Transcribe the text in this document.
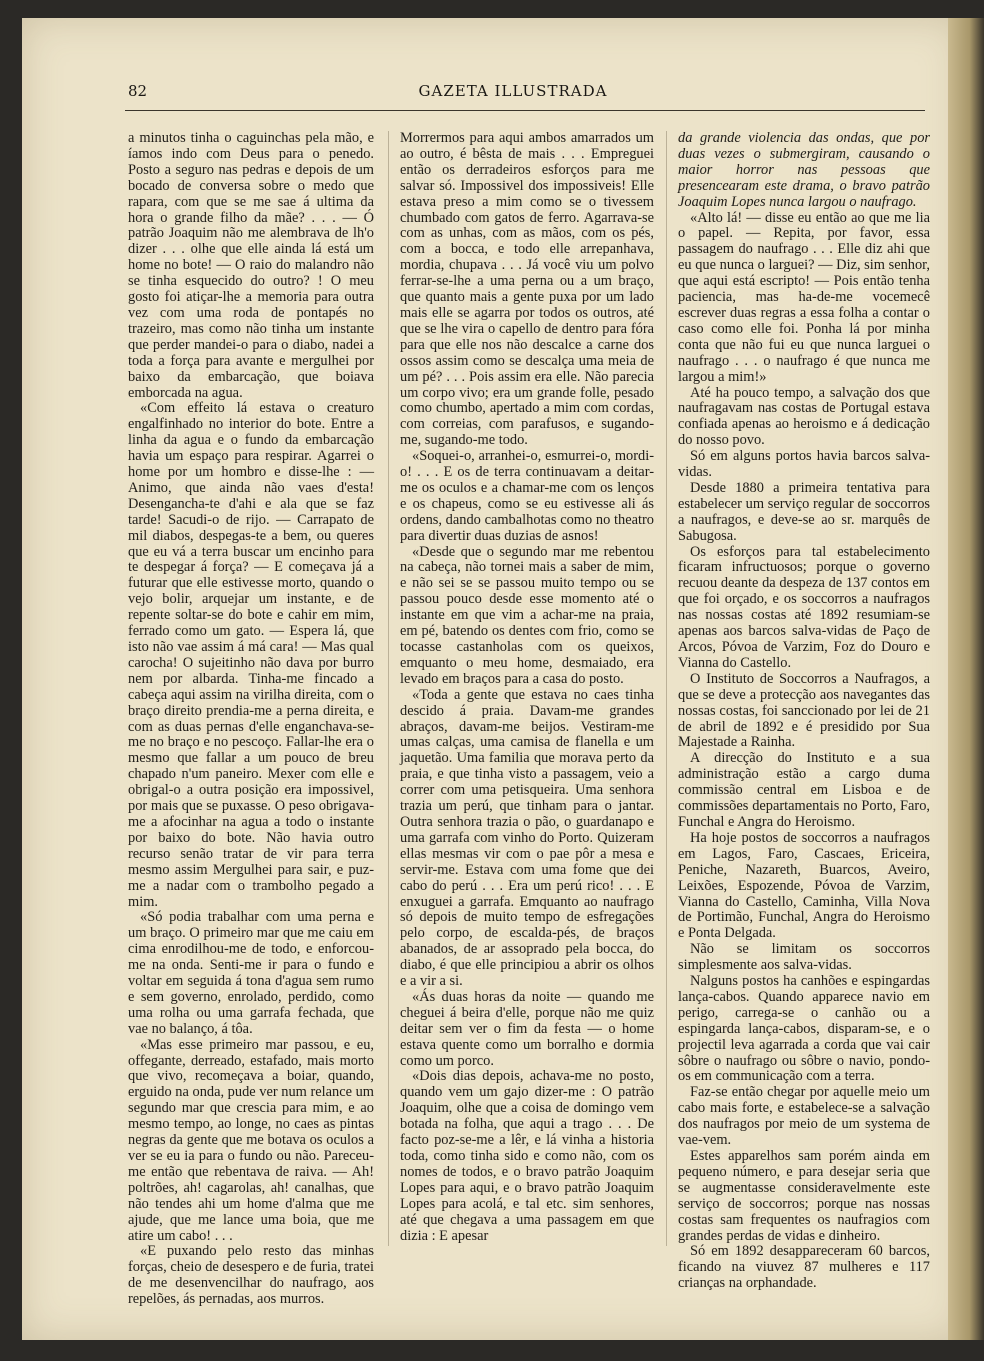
82	GAZETA ILLUSTRADA

a minutos tinha o caguinchas pela mão, e íamos indo com Deus para o penedo. Posto a seguro nas pedras e depois de um bocado de conversa sobre o medo que rapara, com que se me sae á ultima da hora o grande filho da mãe? . . . — Ó patrão Joaquim não me alembrava de lh'o dizer . . . olhe que elle ainda lá está um home no bote! — O raio do malandro não se tinha esquecido do outro? ! O meu gosto foi atiçar-lhe a memoria para outra vez com uma roda de pontapés no trazeiro, mas como não tinha um instante que perder mandei-o para o diabo, nadei a toda a força para avante e mergulhei por baixo da embarcação, que boiava emborcada na agua.

«Com effeito lá estava o creaturo engalfinhado no interior do bote. Entre a linha da agua e o fundo da embarcação havia um espaço para respirar. Agarrei o home por um hombro e disse-lhe : — Animo, que ainda não vaes d'esta! Desengancha-te d'ahi e ala que se faz tarde! Sacudi-o de rijo. — Carrapato de mil diabos, despegas-te a bem, ou queres que eu vá a terra buscar um encinho para te despegar á força? — E começava já a futurar que elle estivesse morto, quando o vejo bolir, arquejar um instante, e de repente soltar-se do bote e cahir em mim, ferrado como um gato. — Espera lá, que isto não vae assim á má cara! — Mas qual carocha! O sujeitinho não dava por burro nem por albarda. Tinha-me fincado a cabeça aqui assim na virilha direita, com o braço direito prendia-me a perna direita, e com as duas pernas d'elle enganchava-se-me no braço e no pescoço. Fallar-lhe era o mesmo que fallar a um pouco de breu chapado n'um paneiro. Mexer com elle e obrigal-o a outra posição era impossivel, por mais que se puxasse. O peso obrigava-me a afocinhar na agua a todo o instante por baixo do bote. Não havia outro recurso senão tratar de vir para terra mesmo assim Mergulhei para sair, e puz-me a nadar com o trambolho pegado a mim.

«Só podia trabalhar com uma perna e um braço. O primeiro mar que me caiu em cima enrodilhou-me de todo, e enforcou-me na onda. Senti-me ir para o fundo e voltar em seguida á tona d'agua sem rumo e sem governo, enrolado, perdido, como uma rolha ou uma garrafa fechada, que vae no balanço, á tôa.

«Mas esse primeiro mar passou, e eu, offegante, derreado, estafado, mais morto que vivo, recomeçava a boiar, quando, erguido na onda, pude ver num relance um segundo mar que crescia para mim, e ao mesmo tempo, ao longe, no caes as pintas negras da gente que me botava os oculos a ver se eu ia para o fundo ou não. Pareceu-me então que rebentava de raiva. — Ah! poltrões, ah! cagarolas, ah! canalhas, que não tendes ahi um home d'alma que me ajude, que me lance uma boia, que me atire um cabo! . . .

«E puxando pelo resto das minhas forças, cheio de desespero e de furia, tratei de me desenvencilhar do naufrago, aos repelões, ás pernadas, aos murros.

Morrermos para aqui ambos amarrados um ao outro, é bêsta de mais . . . Empreguei então os derradeiros esforços para me salvar só. Impossivel dos impossiveis! Elle estava preso a mim como se o tivessem chumbado com gatos de ferro. Agarrava-se com as unhas, com as mãos, com os pés, com a bocca, e todo elle arrepanhava, mordia, chupava . . . Já você viu um polvo ferrar-se-lhe a uma perna ou a um braço, que quanto mais a gente puxa por um lado mais elle se agarra por todos os outros, até que se lhe vira o capello de dentro para fóra para que elle nos não descalce a carne dos ossos assim como se descalça uma meia de um pé? . . . Pois assim era elle. Não parecia um corpo vivo; era um grande folle, pesado como chumbo, apertado a mim com cordas, com correias, com parafusos, e sugando-me, sugando-me todo.

«Soquei-o, arranhei-o, esmurrei-o, mordi-o! . . . E os de terra continuavam a deitar-me os oculos e a chamar-me com os lenços e os chapeus, como se eu estivesse ali ás ordens, dando cambalhotas como no theatro para divertir duas duzias de asnos!

«Desde que o segundo mar me rebentou na cabeça, não tornei mais a saber de mim, e não sei se se passou muito tempo ou se passou pouco desde esse momento até o instante em que vim a achar-me na praia, em pé, batendo os dentes com frio, como se tocasse castanholas com os queixos, emquanto o meu home, desmaiado, era levado em braços para a casa do posto.

«Toda a gente que estava no caes tinha descido á praia. Davam-me grandes abraços, davam-me beijos. Vestiram-me umas calças, uma camisa de flanella e um jaquetão. Uma familia que morava perto da praia, e que tinha visto a passagem, veio a correr com uma petisqueira. Uma senhora trazia um perú, que tinham para o jantar. Outra senhora trazia o pão, o guardanapo e uma garrafa com vinho do Porto. Quizeram ellas mesmas vir com o pae pôr a mesa e servir-me. Estava com uma fome que dei cabo do perú . . . Era um perú rico! . . . E enxuguei a garrafa. Emquanto ao naufrago só depois de muito tempo de esfregações pelo corpo, de escalda-pés, de braços abanados, de ar assoprado pela bocca, do diabo, é que elle principiou a abrir os olhos e a vir a si.

«Ás duas horas da noite — quando me cheguei á beira d'elle, porque não me quiz deitar sem ver o fim da festa — o home estava quente como um borralho e dormia como um porco.

«Dois dias depois, achava-me no posto, quando vem um gajo dizer-me : O patrão Joaquim, olhe que a coisa de domingo vem botada na folha, que aqui a trago . . . De facto poz-se-me a lêr, e lá vinha a historia toda, como tinha sido e como não, com os nomes de todos, e o bravo patrão Joaquim Lopes para aqui, e o bravo patrão Joaquim Lopes para acolá, e tal etc. sim senhores, até que chegava a uma passagem em que dizia : E apesar

da grande violencia das ondas, que por duas vezes o submergiram, causando o maior horror nas pessoas que presencearam este drama, o bravo patrão Joaquim Lopes nunca largou o naufrago.

«Alto lá! — disse eu então ao que me lia o papel. — Repita, por favor, essa passagem do naufrago . . . Elle diz ahi que eu que nunca o larguei? — Diz, sim senhor, que aqui está escripto! — Pois então tenha paciencia, mas ha-de-me vocemecê escrever duas regras a essa folha a contar o caso como elle foi. Ponha lá por minha conta que não fui eu que nunca larguei o naufrago . . . o naufrago é que nunca me largou a mim!»

Até ha pouco tempo, a salvação dos que naufragavam nas costas de Portugal estava confiada apenas ao heroismo e á dedicação do nosso povo.

Só em alguns portos havia barcos salva-vidas.

Desde 1880 a primeira tentativa para estabelecer um serviço regular de soccorros a naufragos, e deve-se ao sr. marquês de Sabugosa.

Os esforços para tal estabelecimento ficaram infructuosos; porque o governo recuou deante da despeza de 137 contos em que foi orçado, e os soccorros a naufragos nas nossas costas até 1892 resumiam-se apenas aos barcos salva-vidas de Paço de Arcos, Póvoa de Varzim, Foz do Douro e Vianna do Castello.

O Instituto de Soccorros a Naufragos, a que se deve a protecção aos navegantes das nossas costas, foi sanccionado por lei de 21 de abril de 1892 e é presidido por Sua Majestade a Rainha.

A direcção do Instituto e a sua administração estão a cargo duma commissão central em Lisboa e de commissões departamentais no Porto, Faro, Funchal e Angra do Heroismo.

Ha hoje postos de soccorros a naufragos em Lagos, Faro, Cascaes, Ericeira, Peniche, Nazareth, Buarcos, Aveiro, Leixões, Espozende, Póvoa de Varzim, Vianna do Castello, Caminha, Villa Nova de Portimão, Funchal, Angra do Heroismo e Ponta Delgada.

Não se limitam os soccorros simplesmente aos salva-vidas.

Nalguns postos ha canhões e espingardas lança-cabos. Quando apparece navio em perigo, carrega-se o canhão ou a espingarda lança-cabos, disparam-se, e o projectil leva agarrada a corda que vai cair sôbre o naufrago ou sôbre o navio, pondo-os em communicação com a terra.

Faz-se então chegar por aquelle meio um cabo mais forte, e estabelece-se a salvação dos naufragos por meio de um systema de vae-vem.

Estes apparelhos sam porém ainda em pequeno número, e para desejar seria que se augmentasse consideravelmente este serviço de soccorros; porque nas nossas costas sam frequentes os naufragios com grandes perdas de vidas e dinheiro.

Só em 1892 desappareceram 60 barcos, ficando na viuvez 87 mulheres e 117 crianças na orphandade.
